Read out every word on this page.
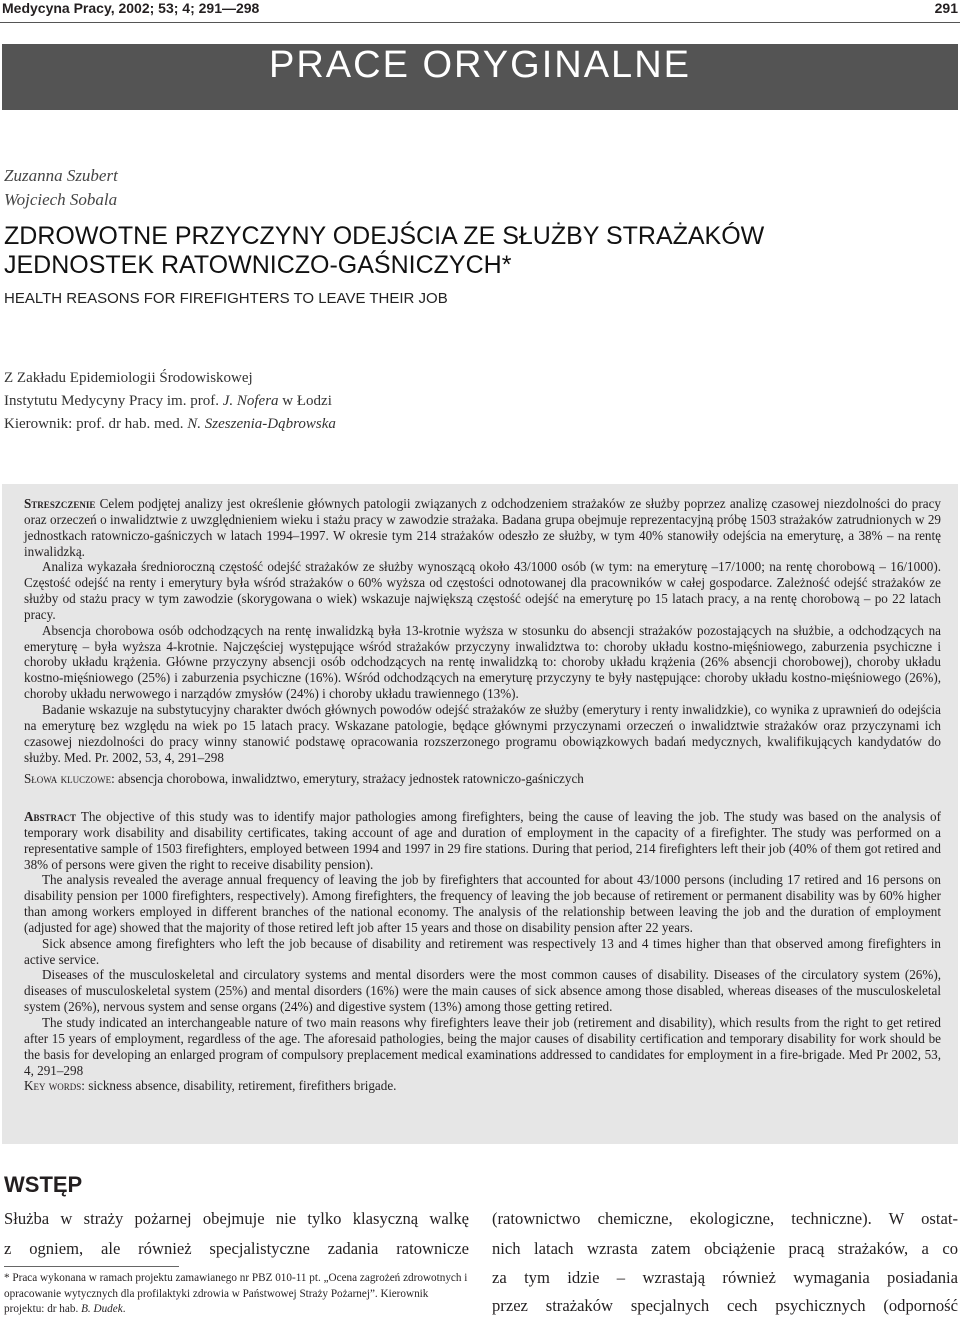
Medycyna Pracy, 2002; 53; 4; 291—298	291
PRACE ORYGINALNE
Zuzanna Szubert
Wojciech Sobala
ZDROWOTNE PRZYCZYNY ODEJŚCIA ZE SŁUŻBY STRAŻAKÓW
JEDNOSTEK RATOWNICZO-GAŚNICZYCH*
HEALTH REASONS FOR FIREFIGHTERS TO LEAVE THEIR JOB
Z Zakładu Epidemiologii Środowiskowej
Instytutu Medycyny Pracy im. prof. J. Nofera w Łodzi
Kierownik: prof. dr hab. med. N. Szeszenia-Dąbrowska

Streszczenie Celem podjętej analizy jest określenie głównych patologii związanych z odchodzeniem strażaków ze służby poprzez analizę czasowej niezdolności do pracy oraz orzeczeń o inwalidztwie z uwzględnieniem wieku i stażu pracy w zawodzie strażaka. Badana grupa obejmuje reprezentacyjną próbę 1503 strażaków zatrudnionych w 29 jednostkach ratowniczo-gaśniczych w latach 1994–1997. W okresie tym 214 strażaków odeszło ze służby, w tym 40% stanowiły odejścia na emeryturę, a 38% – na rentę inwalidzką.

Analiza wykazała średnioroczną częstość odejść strażaków ze służby wynoszącą około 43/1000 osób (w tym: na emeryturę –17/1000; na rentę chorobową – 16/1000). Częstość odejść na renty i emerytury była wśród strażaków o 60% wyższa od częstości odnotowanej dla pracowników w całej gospodarce. Zależność odejść strażaków ze służby od stażu pracy w tym zawodzie (skorygowana o wiek) wskazuje największą częstość odejść na emeryturę po 15 latach pracy, a na rentę chorobową – po 22 latach pracy.

Absencja chorobowa osób odchodzących na rentę inwalidzką była 13-krotnie wyższa w stosunku do absencji strażaków pozostających na służbie, a odchodzących na emeryturę – była wyższa 4-krotnie. Najczęściej występujące wśród strażaków przyczyny inwalidztwa to: choroby układu kostno-mięśniowego, zaburzenia psychiczne i choroby układu krążenia. Główne przyczyny absencji osób odchodzących na rentę inwalidzką to: choroby układu krążenia (26% absencji chorobowej), choroby układu kostno-mięśniowego (25%) i zaburzenia psychiczne (16%). Wśród odchodzących na emeryturę przyczyny te były następujące: choroby układu kostno-mięśniowego (26%), choroby układu nerwowego i narządów zmysłów (24%) i choroby układu trawiennego (13%).

Badanie wskazuje na substytucyjny charakter dwóch głównych powodów odejść strażaków ze służby (emerytury i renty inwalidzkie), co wynika z uprawnień do odejścia na emeryturę bez względu na wiek po 15 latach pracy. Wskazane patologie, będące głównymi przyczynami orzeczeń o inwalidztwie strażaków oraz przyczynami ich czasowej niezdolności do pracy winny stanowić podstawę opracowania rozszerzonego programu obowiązkowych badań medycznych, kwalifikujących kandydatów do służby. Med. Pr. 2002, 53, 4, 291–298

Słowa kluczowe: absencja chorobowa, inwalidztwo, emerytury, strażacy jednostek ratowniczo-gaśniczych

Abstract The objective of this study was to identify major pathologies among firefighters, being the cause of leaving the job. The study was based on the analysis of temporary work disability and disability certificates, taking account of age and duration of employment in the capacity of a firefighter. The study was performed on a representative sample of 1503 firefighters, employed between 1994 and 1997 in 29 fire stations. During that period, 214 firefighters left their job (40% of them got retired and 38% of persons were given the right to receive disability pension).

The analysis revealed the average annual frequency of leaving the job by firefighters that accounted for about 43/1000 persons (including 17 retired and 16 persons on disability pension per 1000 firefighters, respectively). Among firefighters, the frequency of leaving the job because of retirement or permanent disability was by 60% higher than among workers employed in different branches of the national economy. The analysis of the relationship between leaving the job and the duration of employment (adjusted for age) showed that the majority of those retired left job after 15 years and those on disability pension after 22 years.

Sick absence among firefighters who left the job because of disability and retirement was respectively 13 and 4 times higher than that observed among firefighters in active service.

Diseases of the musculoskeletal and circulatory systems and mental disorders were the most common causes of disability. Diseases of the circulatory system (26%), diseases of musculoskeletal system (25%) and mental disorders (16%) were the main causes of sick absence among those disabled, whereas diseases of the musculoskeletal system (26%), nervous system and sense organs (24%) and digestive system (13%) among those getting retired.

The study indicated an interchangeable nature of two main reasons why firefighters leave their job (retirement and disability), which results from the right to get retired after 15 years of employment, regardless of the age. The aforesaid pathologies, being the major causes of disability certification and temporary disability for work should be the basis for developing an enlarged program of compulsory preplacement medical examinations addressed to candidates for employment in a fire-brigade. Med Pr 2002, 53, 4, 291–298

Key words: sickness absence, disability, retirement, firefithers brigade.

WSTĘP
Służba w straży pożarnej obejmuje nie tylko klasyczną walkę
z ogniem, ale również specjalistyczne zadania ratownicze
(ratownictwo chemiczne, ekologiczne, techniczne). W ostat-
nich latach wzrasta zatem obciążenie pracą strażaków, a co
za tym idzie – wzrastają również wymagania posiadania
przez strażaków specjalnych cech psychicznych (odporność
* Praca wykonana w ramach projektu zamawianego nr PBZ 010-11 pt. „Ocena zagrożeń zdrowotnych i opracowanie wytycznych dla profilaktyki zdrowia w Państwowej Straży Pożarnej”. Kierownik projektu: dr hab. B. Dudek.
